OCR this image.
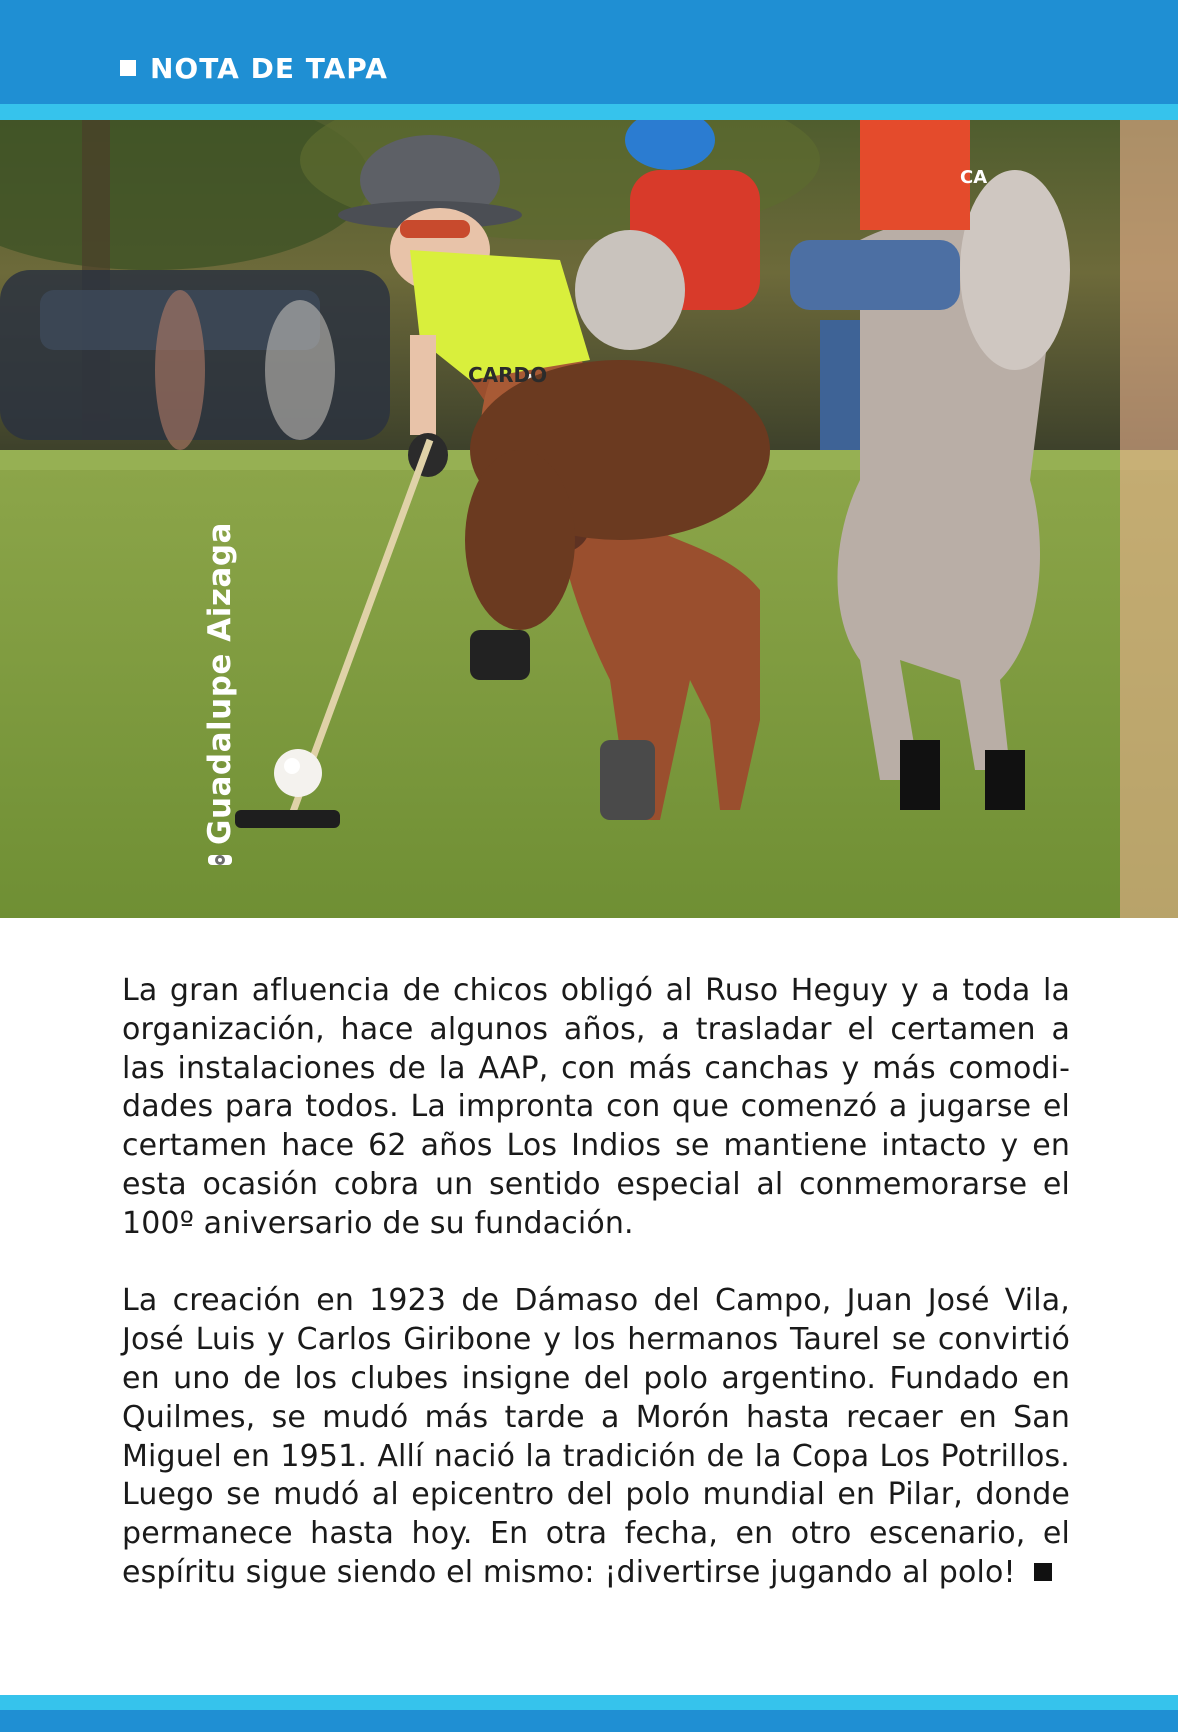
NOTA DE TAPA
CARDO
CA
Guadalupe Aizaga

La gran afluencia de chicos obligó al Ruso Heguy y a toda la organización, hace algunos años, a trasladar el certamen a las instalaciones de la AAP, con más canchas y más comodidades para todos. La impronta con que comenzó a jugarse el certamen hace 62 años Los Indios se mantiene intacto y en esta ocasión cobra un sentido especial al conmemorarse el 100º aniversario de su fundación.

La creación en 1923 de Dámaso del Campo, Juan José Vila, José Luis y Carlos Giribone y los hermanos Taurel se convirtió en uno de los clubes insigne del polo argentino. Fundado en Quilmes, se mudó más tarde a Morón hasta recaer en San Miguel en 1951. Allí nació la tradición de la Copa Los Potrillos. Luego se mudó al epicentro del polo mundial en Pilar, donde permanece hasta hoy. En otra fecha, en otro escenario, el espíritu sigue siendo el mismo: ¡divertirse jugando al polo!
